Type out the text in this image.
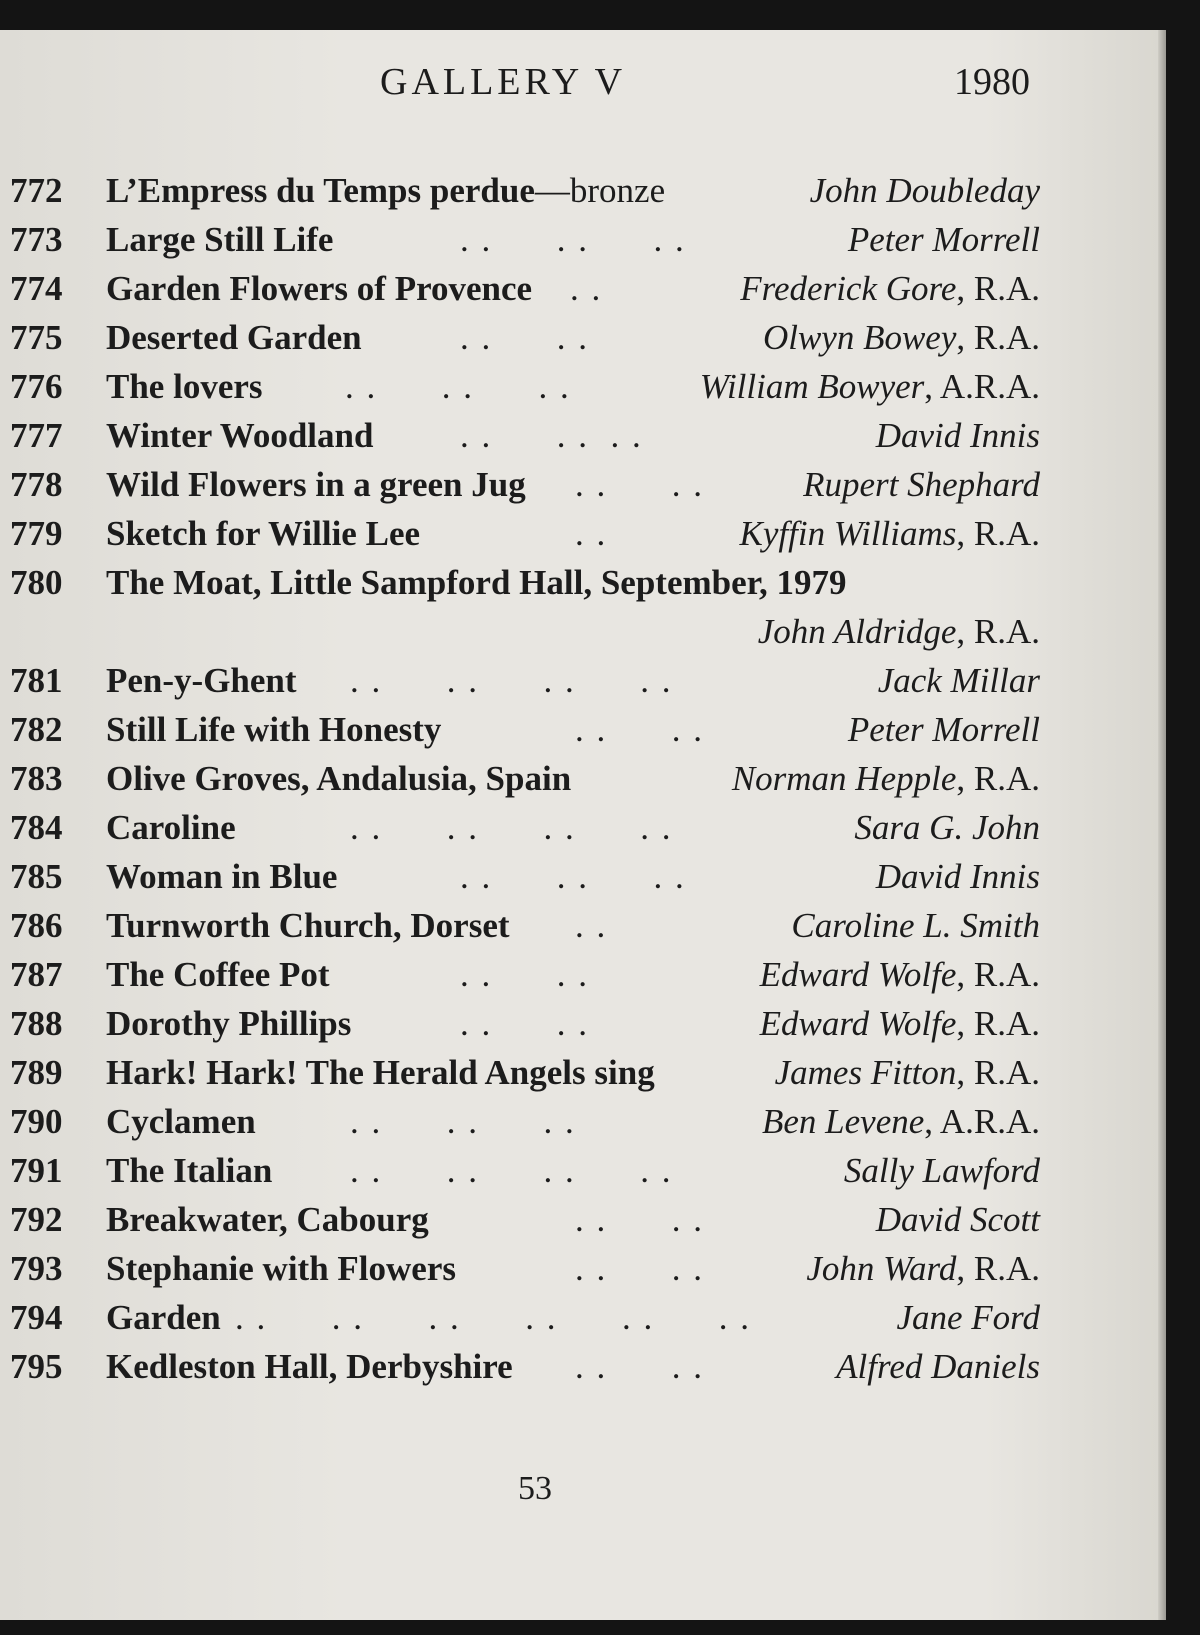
GALLERY V	1980
772 L’Empress du Temps perdue—bronze	John Doubleday
773 Large Still Life	. .      . .      . .	Peter Morrell
774 Garden Flowers of Provence . .	Frederick Gore, R.A.
775 Deserted Garden	. .      . .	Olwyn Bowey, R.A.
776 The lovers . .      . .      . .	William Bowyer, A.R.A.
777 Winter Woodland . .      . .  . .	David Innis
778 Wild Flowers in a green Jug . .      . .	Rupert Shephard
779 Sketch for Willie Lee	. .	Kyffin Williams, R.A.
780 The Moat, Little Sampford Hall, September, 1979
John Aldridge, R.A.
781 Pen-y-Ghent . .      . .      . .      . .	Jack Millar
782 Still Life with Honesty	. .      . .	Peter Morrell
783 Olive Groves, Andalusia, Spain	Norman Hepple, R.A.
784 Caroline	. .      . .      . .      . .	Sara G. John
785 Woman in Blue	. .      . .      . .	David Innis
786 Turnworth Church, Dorset . .	Caroline L. Smith
787 The Coffee Pot	. .      . .	Edward Wolfe, R.A.
788 Dorothy Phillips	. .      . .	Edward Wolfe, R.A.
789 Hark! Hark! The Herald Angels sing	James Fitton, R.A.
790 Cyclamen	. .      . .      . .	Ben Levene, A.R.A.
791 The Italian . .      . .      . .      . .	Sally Lawford
792 Breakwater, Cabourg	. .      . .	David Scott
793 Stephanie with Flowers	. .      . .	John Ward, R.A.
794 Garden . .      . .      . .      . .      . .      . .	Jane Ford
795 Kedleston Hall, Derbyshire . .      . .	Alfred Daniels
53
